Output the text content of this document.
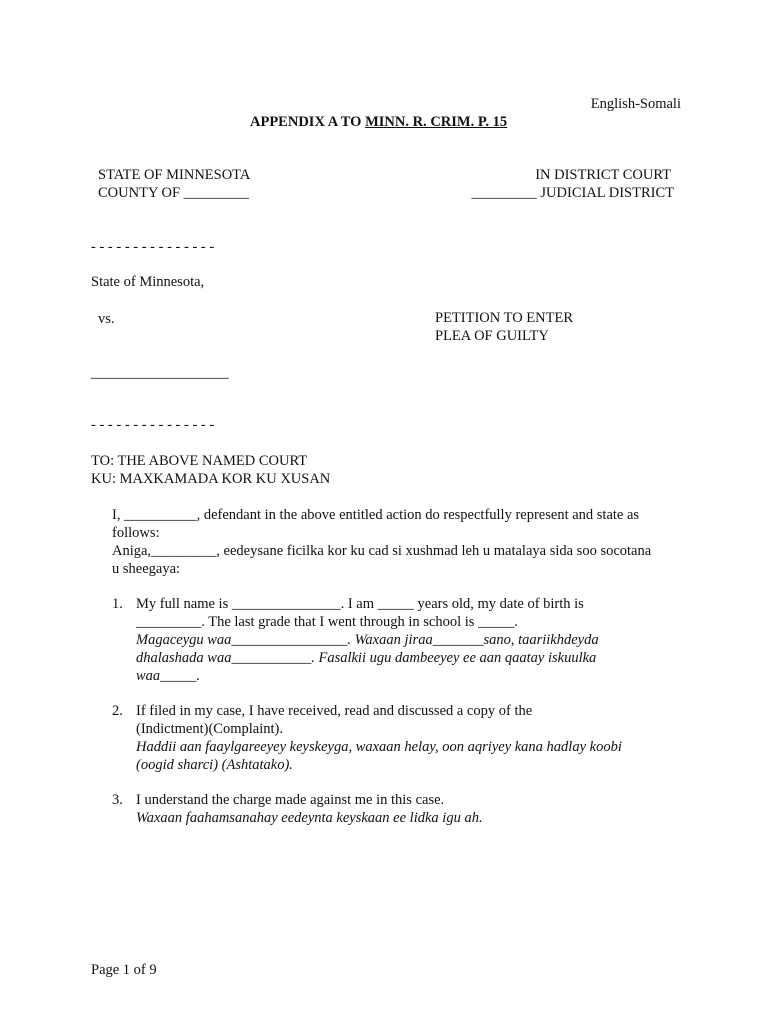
English-Somali
APPENDIX A TO MINN. R. CRIM. P. 15
STATE OF MINNESOTA
COUNTY OF _________
IN DISTRICT COURT
_________ JUDICIAL DISTRICT
- - - - - - - - - - - - - - -
State of Minnesota,
vs.	PETITION TO ENTER
PLEA OF GUILTY
___________________
- - - - - - - - - - - - - - -
TO: THE ABOVE NAMED COURT
KU: MAXKAMADA KOR KU XUSAN
I, __________, defendant in the above entitled action do respectfully represent and state as
follows:
Aniga,_________, eedeysane ficilka kor ku cad si xushmad leh u matalaya sida soo socotana
u sheegaya:
1. My full name is _______________. I am _____ years old, my date of birth is
_________. The last grade that I went through in school is _____.
Magaceygu waa________________. Waxaan jiraa_______sano, taariikhdeyda
dhalashada waa___________. Fasalkii ugu dambeeyey ee aan qaatay iskuulka
waa_____.
2. If filed in my case, I have received, read and discussed a copy of the
(Indictment)(Complaint).
Haddii aan faaylgareeyey keyskeyga, waxaan helay, oon aqriyey kana hadlay koobi
(oogid sharci) (Ashtatako).
3. I understand the charge made against me in this case.
Waxaan faahamsanahay eedeynta keyskaan ee lidka igu ah.
Page 1 of 9
